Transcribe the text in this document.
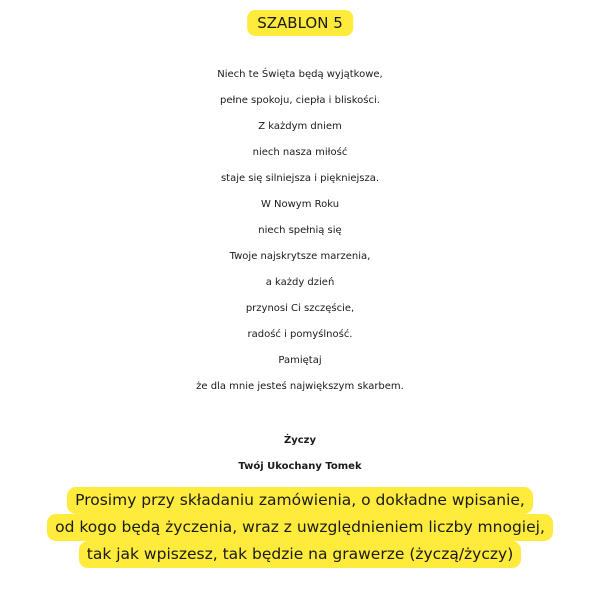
SZABLON 5
Niech te Święta będą wyjątkowe,
pełne spokoju, ciepła i bliskości.
Z każdym dniem
niech nasza miłość
staje się silniejsza i piękniejsza.
W Nowym Roku
niech spełnią się
Twoje najskrytsze marzenia,
a każdy dzień
przynosi Ci szczęście,
radość i pomyślność.
Pamiętaj
że dla mnie jesteś największym skarbem.
Życzy
Twój Ukochany Tomek
Prosimy przy składaniu zamówienia, o dokładne wpisanie,
od kogo będą życzenia, wraz z uwzględnieniem liczby mnogiej,
tak jak wpiszesz, tak będzie na grawerze (życzą/życzy)
